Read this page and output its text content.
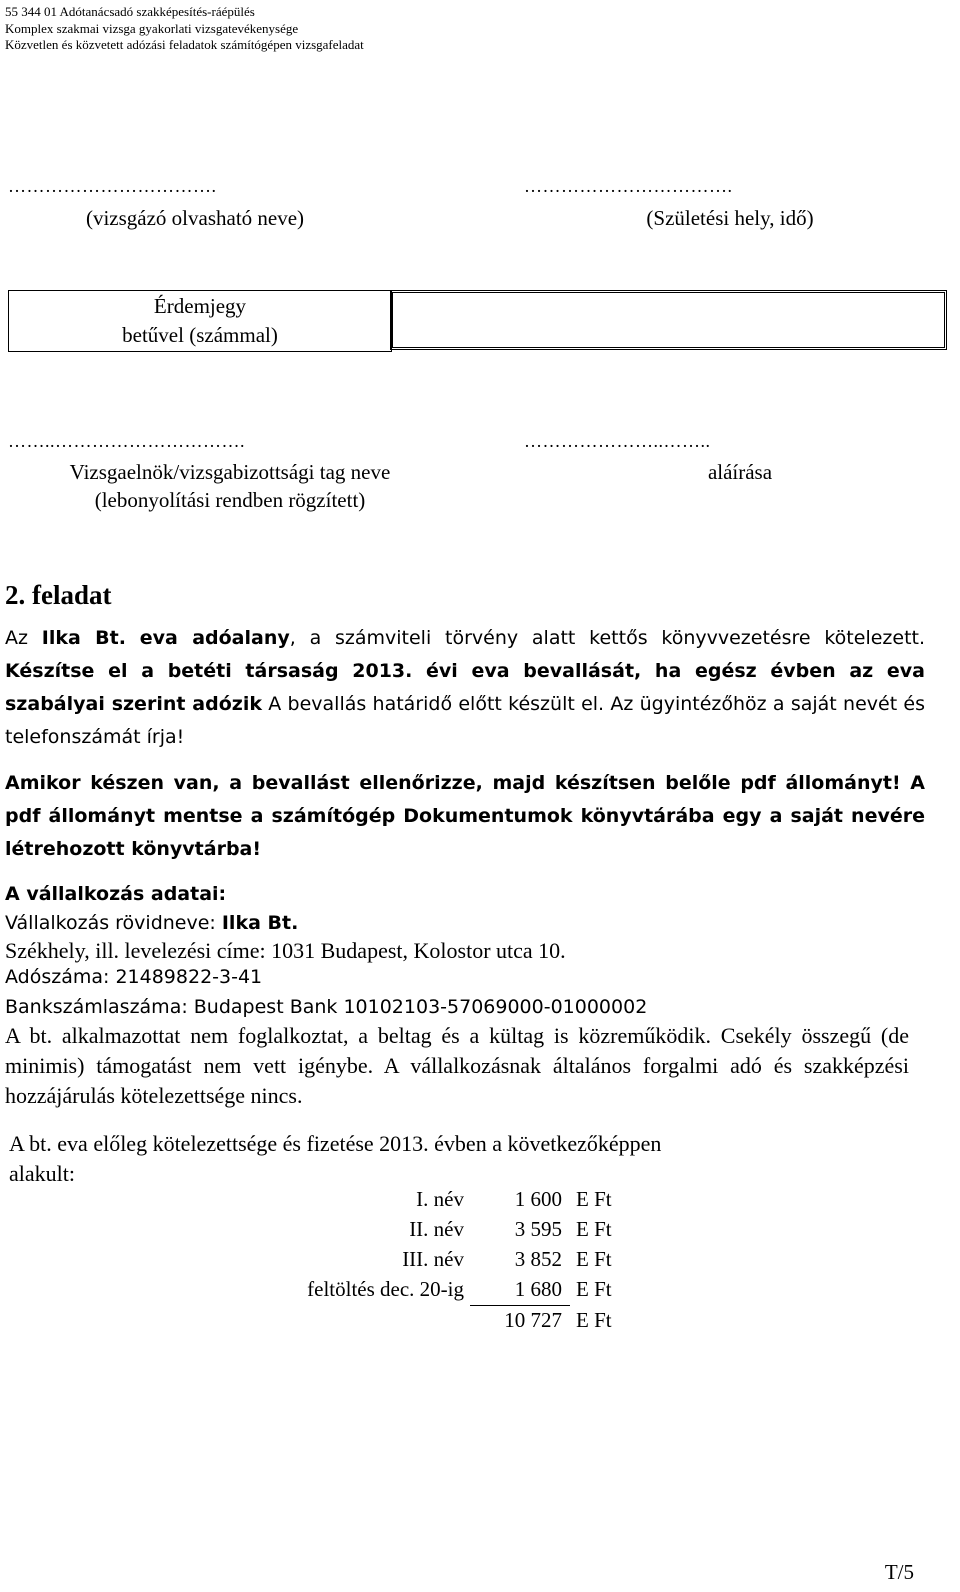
55 344 01 Adótanácsadó szakképesítés-ráépülés
Komplex szakmai vizsga gyakorlati vizsgatevékenysége
Közvetlen és közvetett adózási feladatok számítógépen vizsgafeladat
…………………………….
(vizsgázó olvasható neve)
…………………………….
(Születési hely, idő)
Érdemjegy
betűvel (számmal)
……..………………………….
Vizsgaelnök/vizsgabizottsági tag neve
(lebonyolítási rendben rögzített)
…………………..……..
aláírása
2. feladat
Az Ilka Bt. eva adóalany, a számviteli törvény alatt kettős könyvvezetésre kötelezett. Készítse el a betéti társaság 2013. évi eva bevallását, ha egész évben az eva szabályai szerint adózik A bevallás határidő előtt készült el. Az ügyintézőhöz a saját nevét és telefonszámát írja!
Amikor készen van, a bevallást ellenőrizze, majd készítsen belőle pdf állományt! A pdf állományt mentse a számítógép Dokumentumok könyvtárába egy a saját nevére létrehozott könyvtárba!
A vállalkozás adatai:
Vállalkozás rövidneve: Ilka Bt.
Székhely, ill. levelezési címe: 1031 Budapest, Kolostor utca 10.
Adószáma: 21489822-3-41
Bankszámlaszáma: Budapest Bank 10102103-57069000-01000002
A bt. alkalmazottat nem foglalkoztat, a beltag és a kültag is közreműködik. Csekély összegű (de minimis) támogatást nem vett igénybe. A vállalkozásnak általános forgalmi adó és szakképzési hozzájárulás kötelezettsége nincs.
A bt. eva előleg kötelezettsége és fizetése 2013. évben a következőképpen alakult:
I. név 1 600 E Ft
II. név 3 595 E Ft
III. név 3 852 E Ft
feltöltés dec. 20-ig 1 680 E Ft
10 727 E Ft
T/5
